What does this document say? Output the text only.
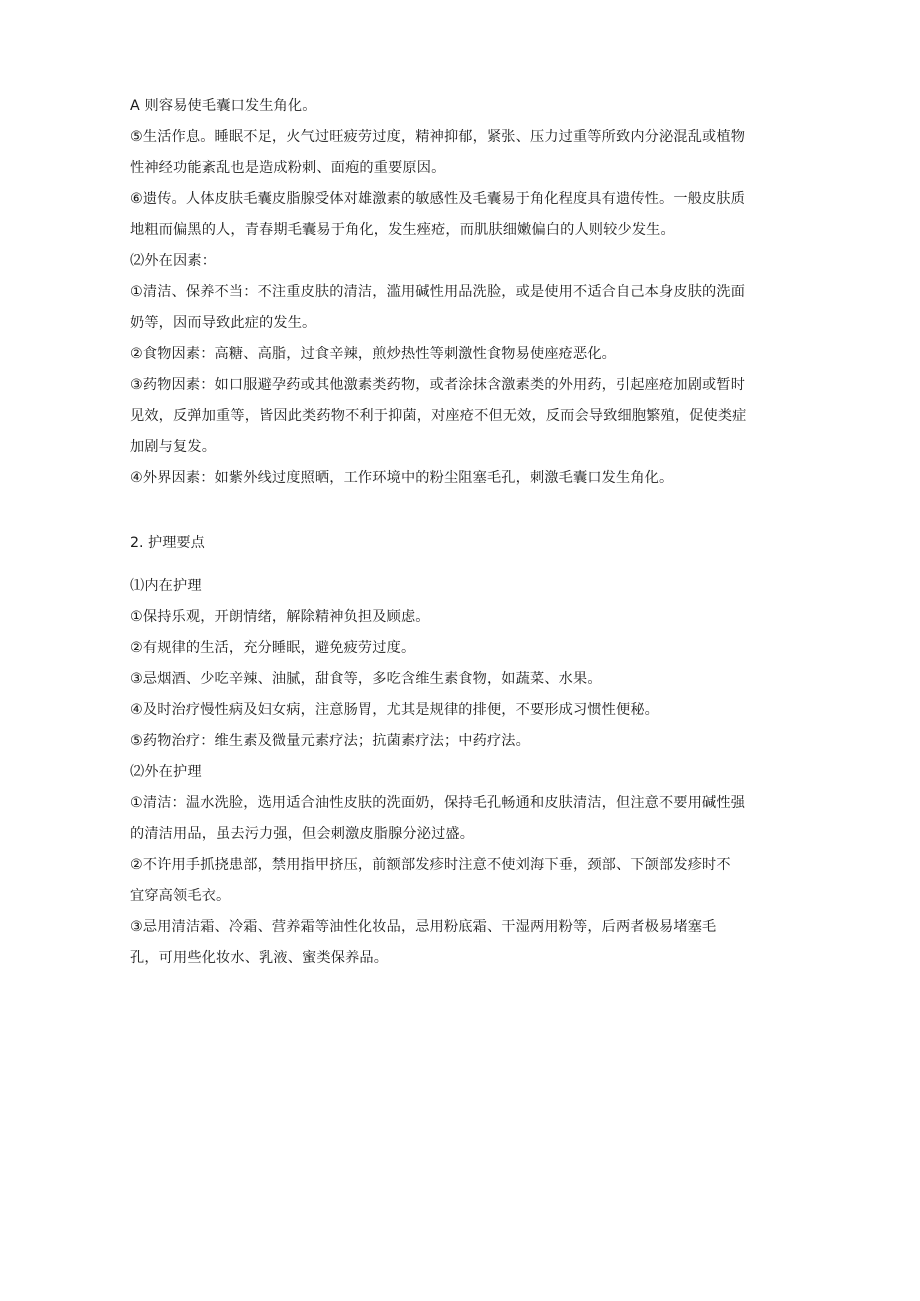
A 则容易使毛囊口发生角化。
⑤生活作息。睡眠不足，火气过旺疲劳过度，精神抑郁，紧张、压力过重等所致内分泌混乱或植物
性神经功能紊乱也是造成粉刺、面疱的重要原因。
⑥遗传。人体皮肤毛囊皮脂腺受体对雄激素的敏感性及毛囊易于角化程度具有遗传性。一般皮肤质
地粗而偏黑的人，青春期毛囊易于角化，发生痤疮，而肌肤细嫩偏白的人则较少发生。
⑵外在因素：
①清洁、保养不当：不注重皮肤的清洁，滥用碱性用品洗脸，或是使用不适合自己本身皮肤的洗面
奶等，因而导致此症的发生。
②食物因素：高糖、高脂，过食辛辣，煎炒热性等刺激性食物易使座疮恶化。
③药物因素：如口服避孕药或其他激素类药物，或者涂抹含激素类的外用药，引起座疮加剧或暂时
见效，反弹加重等，皆因此类药物不利于抑菌，对座疮不但无效，反而会导致细胞繁殖，促使类症
加剧与复发。
④外界因素：如紫外线过度照晒，工作环境中的粉尘阻塞毛孔，刺激毛囊口发生角化。
2. 护理要点
⑴内在护理
①保持乐观，开朗情绪，解除精神负担及顾虑。
②有规律的生活，充分睡眠，避免疲劳过度。
③忌烟酒、少吃辛辣、油腻，甜食等，多吃含维生素食物，如蔬菜、水果。
④及时治疗慢性病及妇女病，注意肠胃，尤其是规律的排便，不要形成习惯性便秘。
⑤药物治疗：维生素及微量元素疗法；抗菌素疗法；中药疗法。
⑵外在护理
①清洁：温水洗脸，选用适合油性皮肤的洗面奶，保持毛孔畅通和皮肤清洁，但注意不要用碱性强
的清洁用品，虽去污力强，但会刺激皮脂腺分泌过盛。
②不许用手抓挠患部，禁用指甲挤压，前额部发疹时注意不使刘海下垂，颈部、下颌部发疹时不
宜穿高领毛衣。
③忌用清洁霜、冷霜、营养霜等油性化妆品，忌用粉底霜、干湿两用粉等，后两者极易堵塞毛
孔，可用些化妆水、乳液、蜜类保养品。
